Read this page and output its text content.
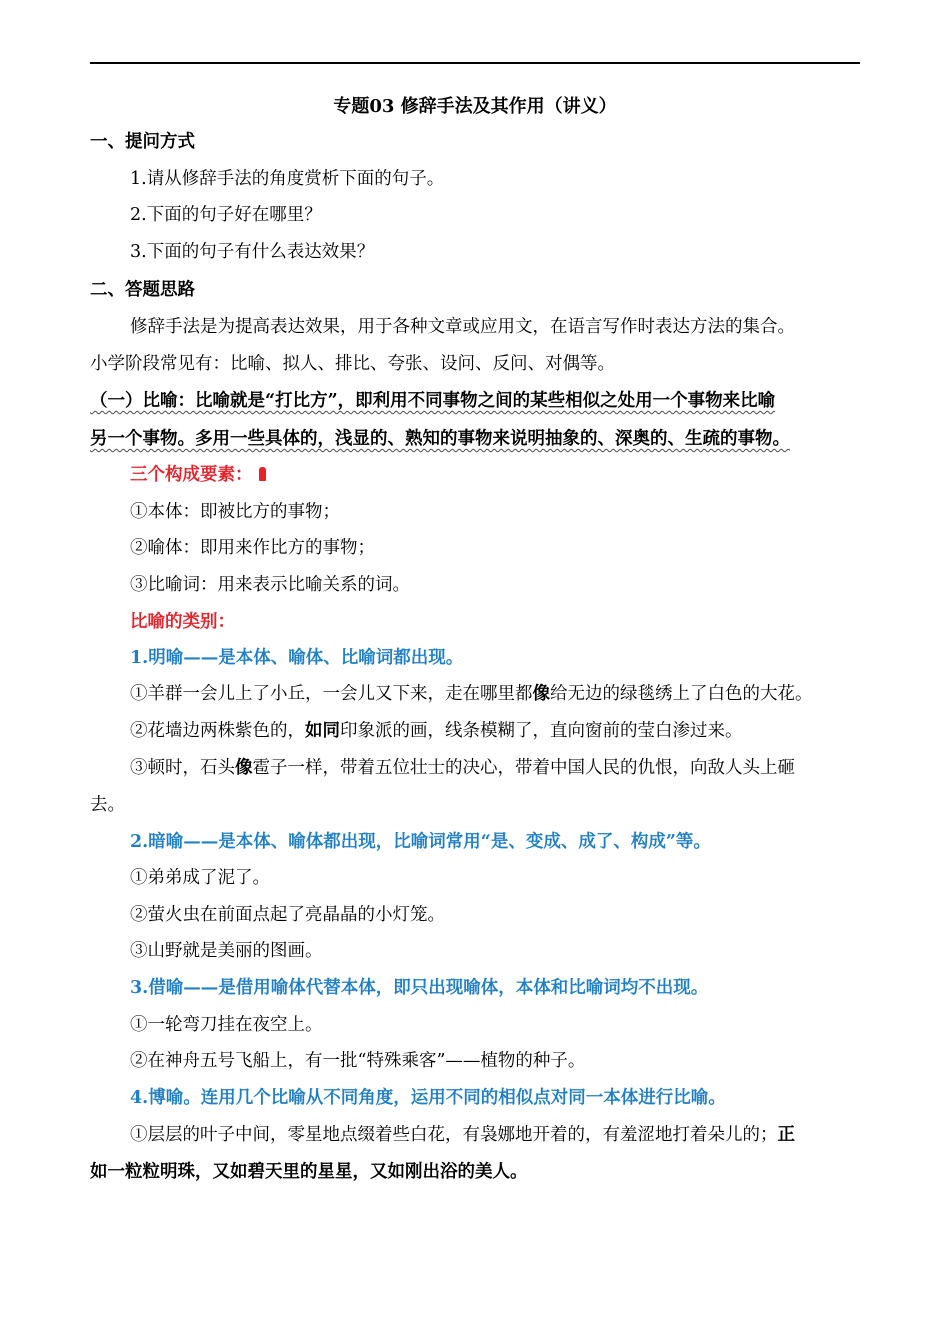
专题03 修辞手法及其作用（讲义）
一、提问方式
1.请从修辞手法的角度赏析下面的句子。
2.下面的句子好在哪里？
3.下面的句子有什么表达效果？
二、答题思路
修辞手法是为提高表达效果，用于各种文章或应用文，在语言写作时表达方法的集合。
小学阶段常见有：比喻、拟人、排比、夸张、设问、反问、对偶等。
（一）比喻：比喻就是“打比方”，即利用不同事物之间的某些相似之处用一个事物来比喻
另一个事物。多用一些具体的，浅显的、熟知的事物来说明抽象的、深奥的、生疏的事物。
三个构成要素：
①本体：即被比方的事物；
②喻体：即用来作比方的事物；
③比喻词：用来表示比喻关系的词。
比喻的类别：
1.明喻——是本体、喻体、比喻词都出现。
①羊群一会儿上了小丘，一会儿又下来，走在哪里都像给无边的绿毯绣上了白色的大花。
②花墙边两株紫色的，如同印象派的画，线条模糊了，直向窗前的莹白渗过来。
③顿时，石头像雹子一样，带着五位壮士的决心，带着中国人民的仇恨，向敌人头上砸
去。
2.暗喻——是本体、喻体都出现，比喻词常用“是、变成、成了、构成”等。
①弟弟成了泥了。
②萤火虫在前面点起了亮晶晶的小灯笼。
③山野就是美丽的图画。
3.借喻——是借用喻体代替本体，即只出现喻体，本体和比喻词均不出现。
①一轮弯刀挂在夜空上。
②在神舟五号飞船上，有一批“特殊乘客”——植物的种子。
4.博喻。连用几个比喻从不同角度，运用不同的相似点对同一本体进行比喻。
①层层的叶子中间，零星地点缀着些白花，有袅娜地开着的，有羞涩地打着朵儿的；正
如一粒粒明珠，又如碧天里的星星，又如刚出浴的美人。
